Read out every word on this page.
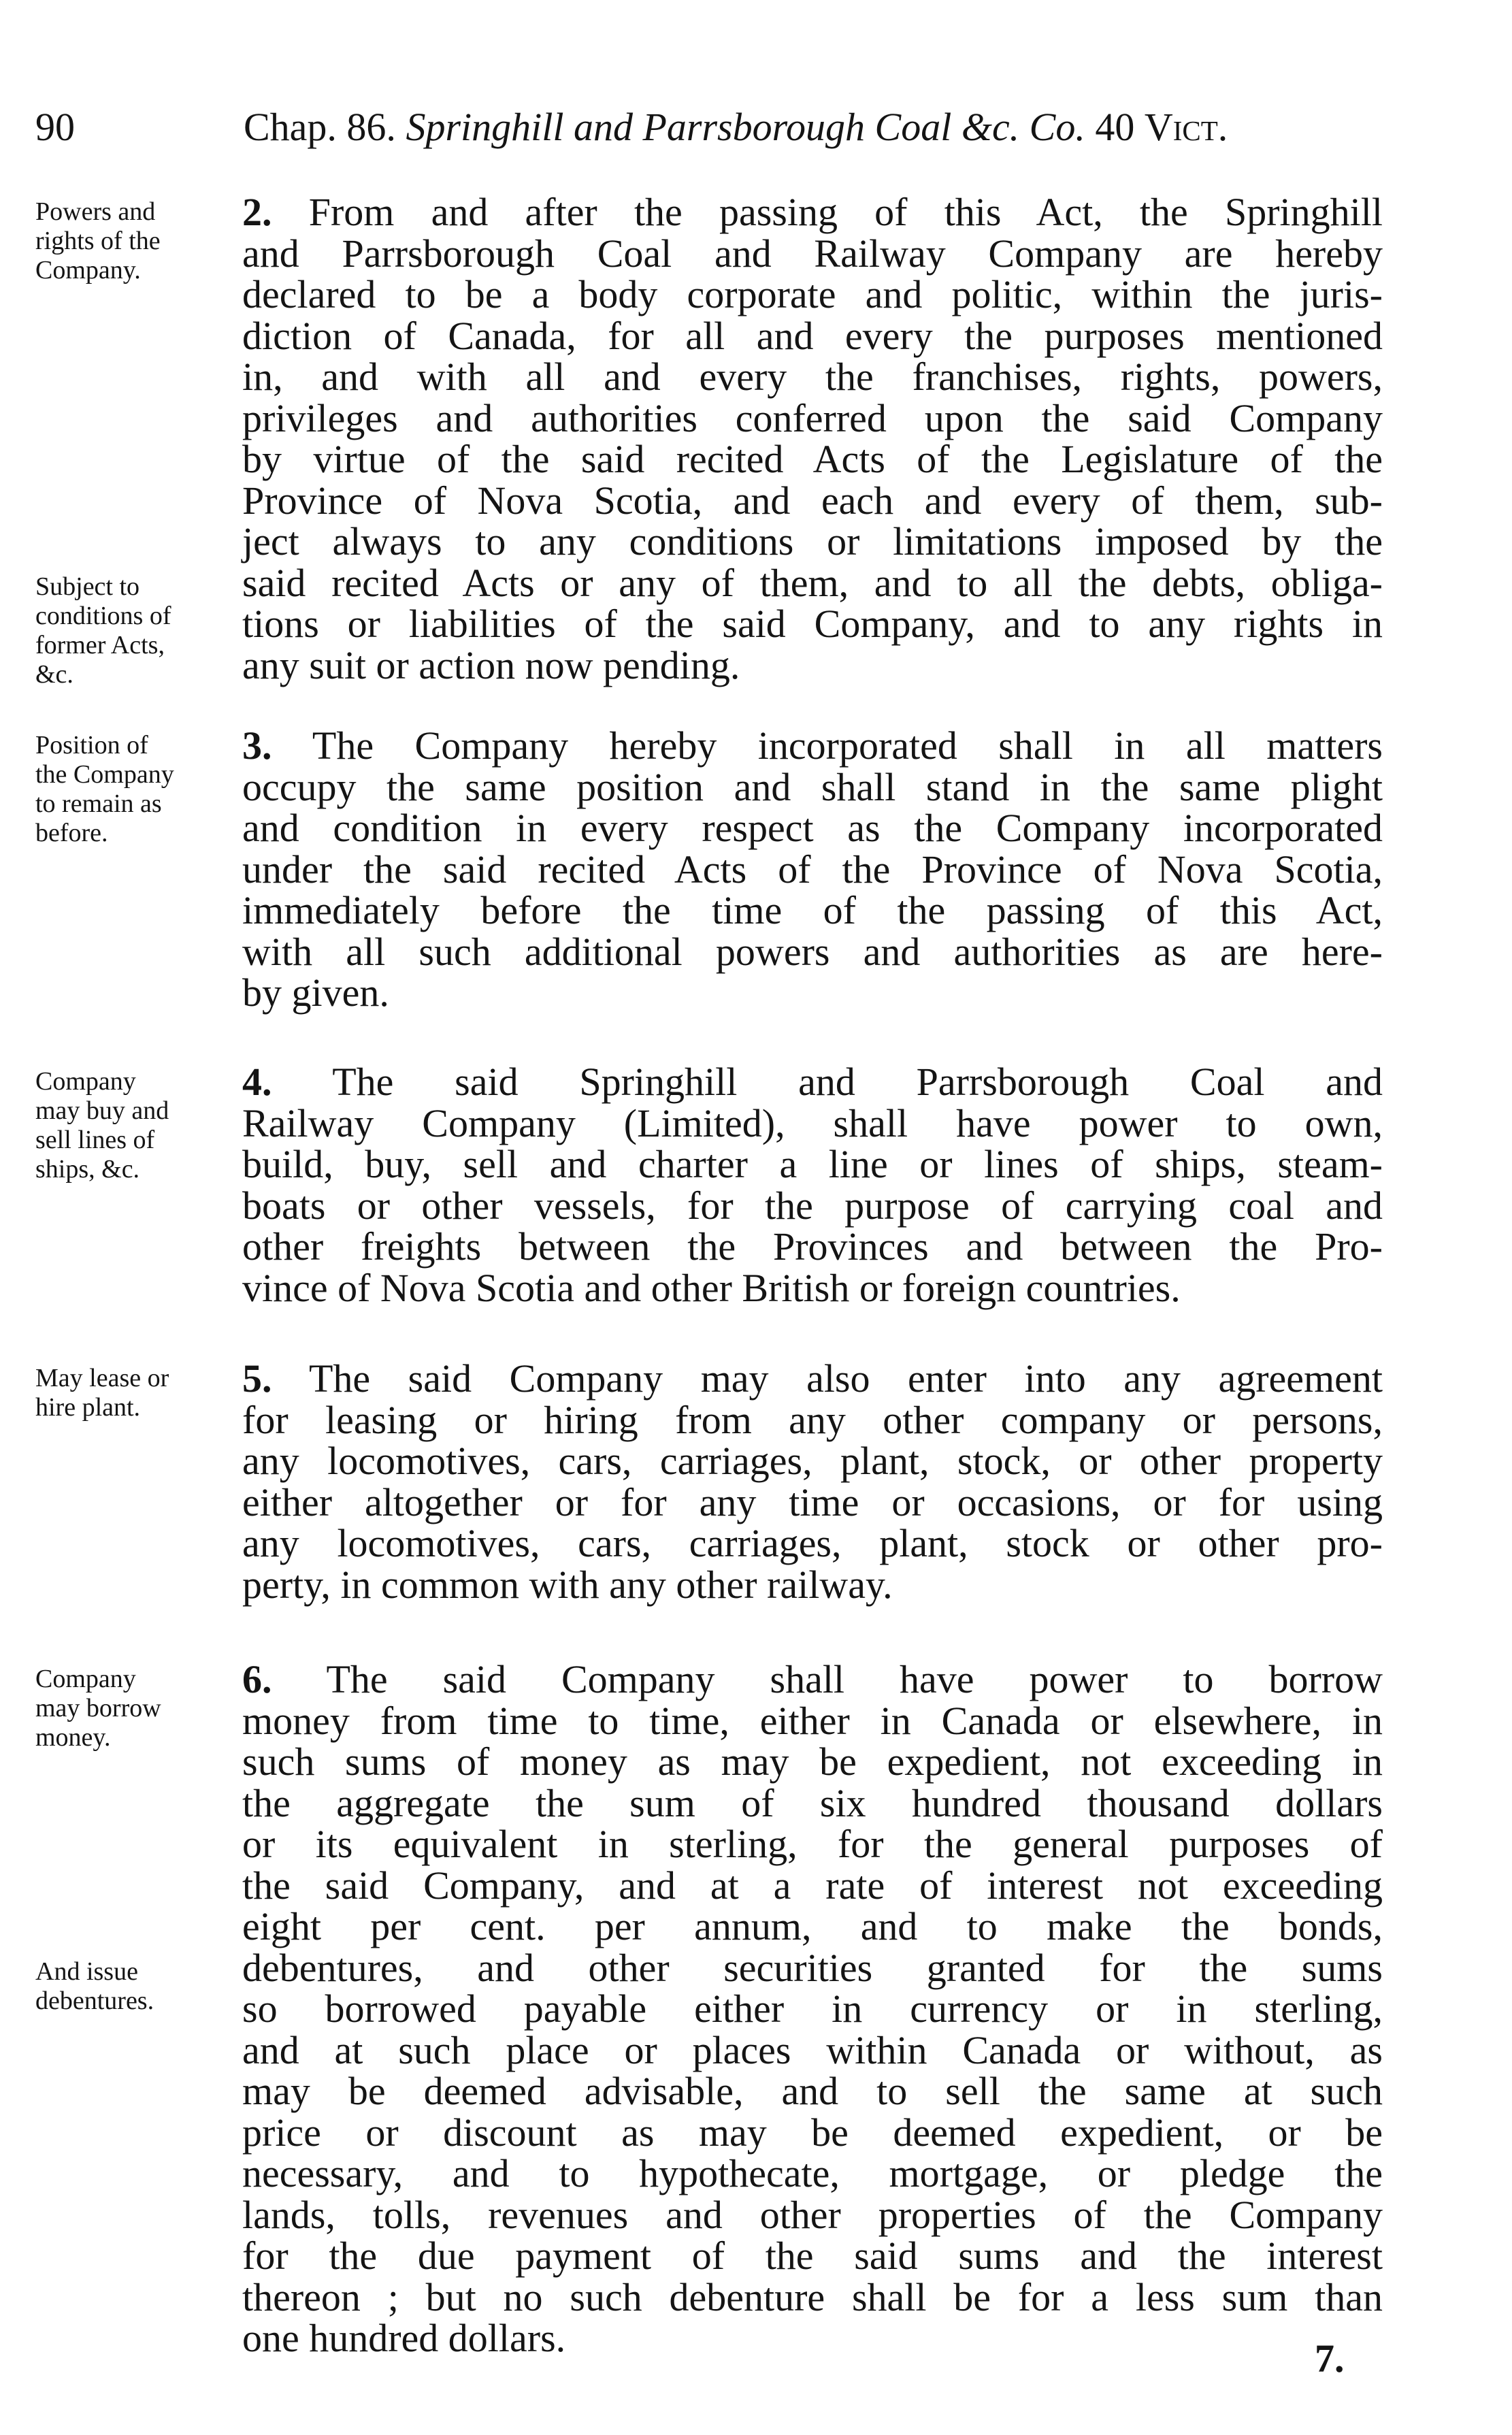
90	Chap. 86. Springhill and Parrsborough Coal &c. Co. 40 Vict.
Powers and
rights of the
Company.
Subject to
conditions of
former Acts,
&c.
2. From and after the passing of this Act, the Springhill
and Parrsborough Coal and Railway Company are hereby
declared to be a body corporate and politic, within the juris-
diction of Canada, for all and every the purposes mentioned
in, and with all and every the franchises, rights, powers,
privileges and authorities conferred upon the said Company
by virtue of the said recited Acts of the Legislature of the
Province of Nova Scotia, and each and every of them, sub-
ject always to any conditions or limitations imposed by the
said recited Acts or any of them, and to all the debts, obliga-
tions or liabilities of the said Company, and to any rights in
any suit or action now pending.
Position of
the Company
to remain as
before.
3. The Company hereby incorporated shall in all matters
occupy the same position and shall stand in the same plight
and condition in every respect as the Company incorporated
under the said recited Acts of the Province of Nova Scotia,
immediately before the time of the passing of this Act,
with all such additional powers and authorities as are here-
by given.
Company
may buy and
sell lines of
ships, &c.
4. The said Springhill and Parrsborough Coal and
Railway Company (Limited), shall have power to own,
build, buy, sell and charter a line or lines of ships, steam-
boats or other vessels, for the purpose of carrying coal and
other freights between the Provinces and between the Pro-
vince of Nova Scotia and other British or foreign countries.
May lease or
hire plant.
5. The said Company may also enter into any agreement
for leasing or hiring from any other company or persons,
any locomotives, cars, carriages, plant, stock, or other property
either altogether or for any time or occasions, or for using
any locomotives, cars, carriages, plant, stock or other pro-
perty, in common with any other railway.
Company
may borrow
money.
And issue
debentures.
6. The said Company shall have power to borrow
money from time to time, either in Canada or elsewhere, in
such sums of money as may be expedient, not exceeding in
the aggregate the sum of six hundred thousand dollars
or its equivalent in sterling, for the general purposes of
the said Company, and at a rate of interest not exceeding
eight per cent. per annum, and to make the bonds,
debentures, and other securities granted for the sums
so borrowed payable either in currency or in sterling,
and at such place or places within Canada or without, as
may be deemed advisable, and to sell the same at such
price or discount as may be deemed expedient, or be
necessary, and to hypothecate, mortgage, or pledge the
lands, tolls, revenues and other properties of the Company
for the due payment of the said sums and the interest
thereon ; but no such debenture shall be for a less sum than
one hundred dollars.	7.
